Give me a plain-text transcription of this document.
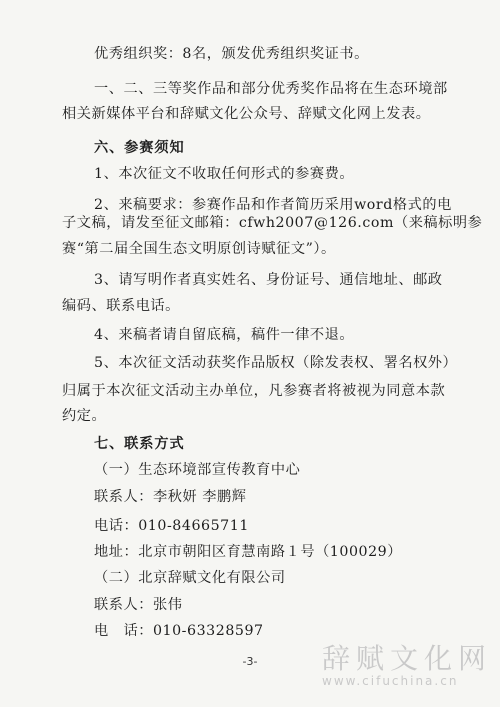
优秀组织奖：8名，颁发优秀组织奖证书。
一、二、三等奖作品和部分优秀奖作品将在生态环境部
相关新媒体平台和辞赋文化公众号、辞赋文化网上发表。
六、参赛须知
1、本次征文不收取任何形式的参赛费。
2、来稿要求：参赛作品和作者简历采用word格式的电
子文稿，请发至征文邮箱：cfwh2007@126.com（来稿标明参
赛“第二届全国生态文明原创诗赋征文”）。
3、请写明作者真实姓名、身份证号、通信地址、邮政
编码、联系电话。
4、来稿者请自留底稿，稿件一律不退。
5、本次征文活动获奖作品版权（除发表权、署名权外）
归属于本次征文活动主办单位，凡参赛者将被视为同意本款
约定。
七、联系方式
（一）生态环境部宣传教育中心
联系人：李秋妍 李鹏辉
电话：010-84665711
地址：北京市朝阳区育慧南路１号（100029）
（二）北京辞赋文化有限公司
联系人：张伟
电　话：010-63328597
-3-	辞赋文化网
www.cifuchina.cn
